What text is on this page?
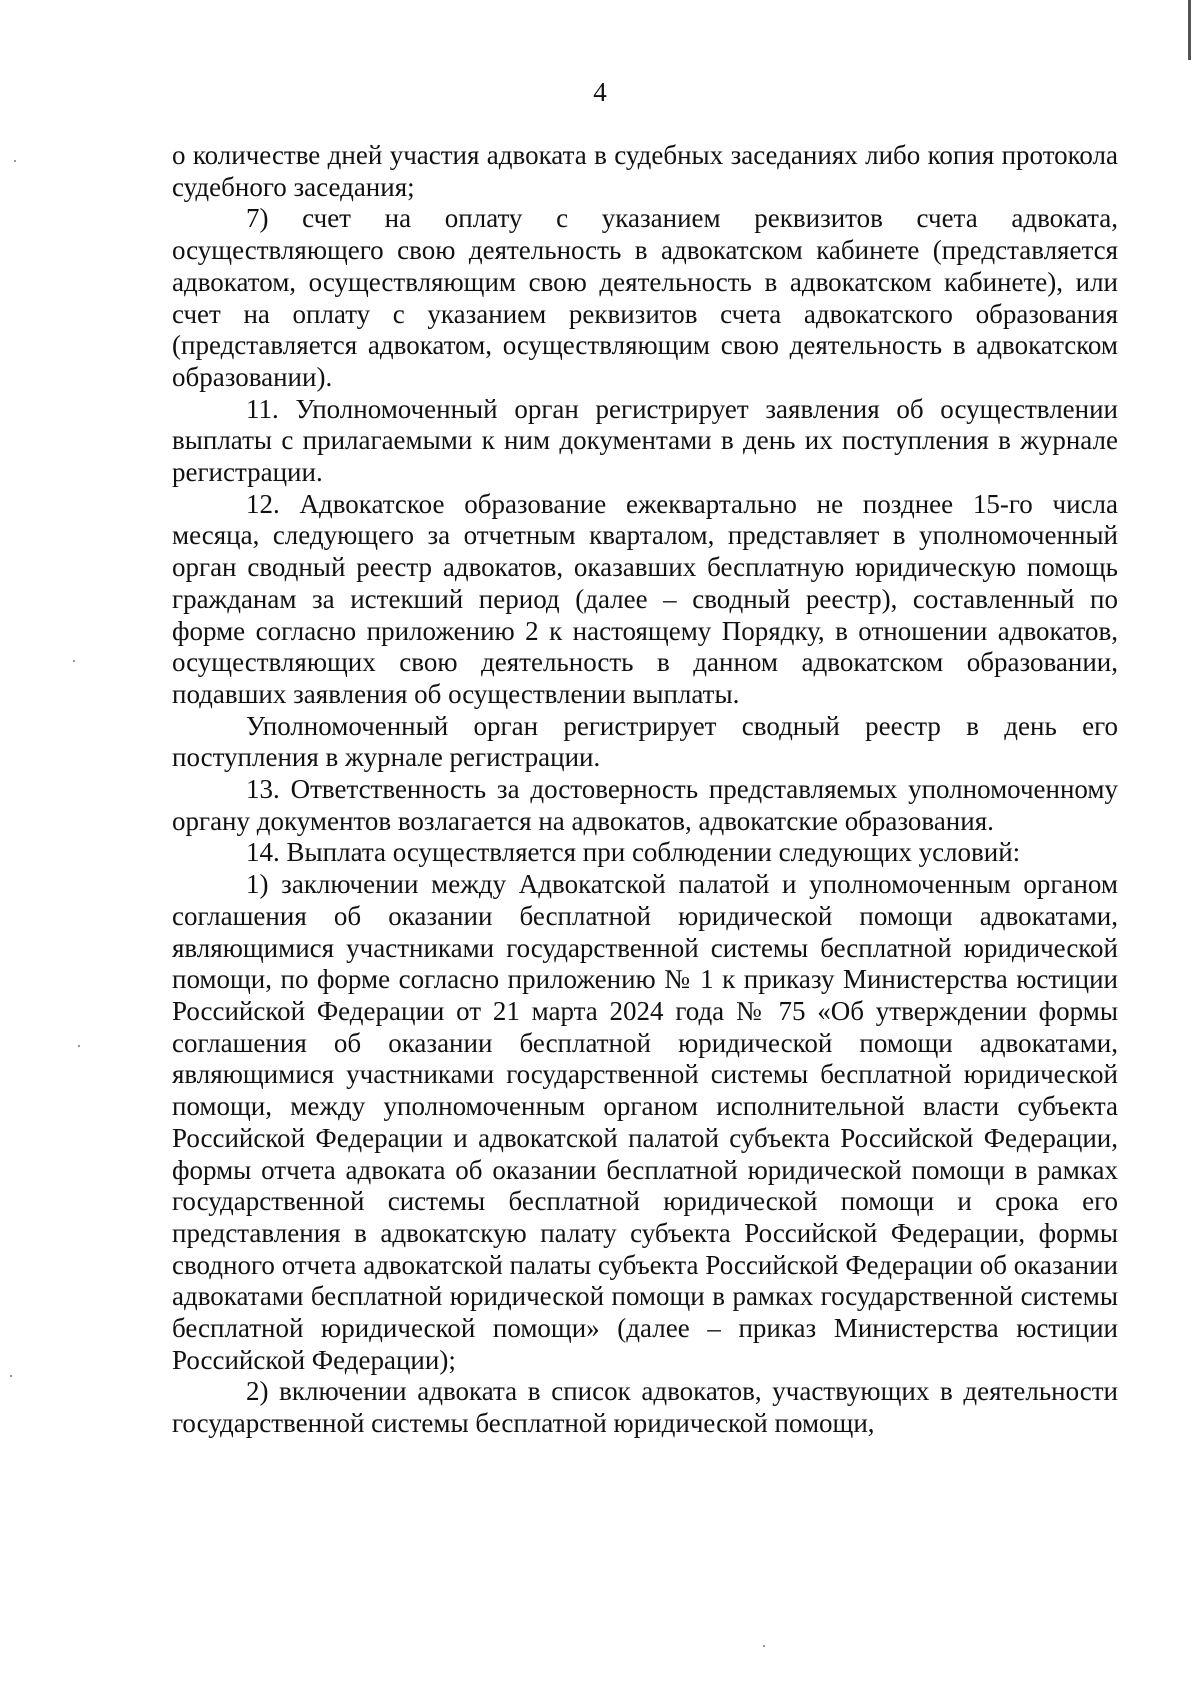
4

о количестве дней участия адвоката в судебных заседаниях либо копия протокола судебного заседания;

7) счет на оплату с указанием реквизитов счета адвоката, осуществляющего свою деятельность в адвокатском кабинете (представляется адвокатом, осуществляющим свою деятельность в адвокатском кабинете), или счет на оплату с указанием реквизитов счета адвокатского образования (представляется адвокатом, осуществляющим свою деятельность в адвокатском образовании).

11. Уполномоченный орган регистрирует заявления об осуществлении выплаты с прилагаемыми к ним документами в день их поступления в журнале регистрации.

12. Адвокатское образование ежеквартально не позднее 15-го числа месяца, следующего за отчетным кварталом, представляет в уполномоченный орган сводный реестр адвокатов, оказавших бесплатную юридическую помощь гражданам за истекший период (далее – сводный реестр), составленный по форме согласно приложению 2 к настоящему Порядку, в отношении адвокатов, осуществляющих свою деятельность в данном адвокатском образовании, подавших заявления об осуществлении выплаты.

Уполномоченный орган регистрирует сводный реестр в день его поступления в журнале регистрации.

13. Ответственность за достоверность представляемых уполномоченному органу документов возлагается на адвокатов, адвокатские образования.

14. Выплата осуществляется при соблюдении следующих условий:

1) заключении между Адвокатской палатой и уполномоченным органом соглашения об оказании бесплатной юридической помощи адвокатами, являющимися участниками государственной системы бесплатной юридической помощи, по форме согласно приложению № 1 к приказу Министерства юстиции Российской Федерации от 21 марта 2024 года № 75 «Об утверждении формы соглашения об оказании бесплатной юридической помощи адвокатами, являющимися участниками государственной системы бесплатной юридической помощи, между уполномоченным органом исполнительной власти субъекта Российской Федерации и адвокатской палатой субъекта Российской Федерации, формы отчета адвоката об оказании бесплатной юридической помощи в рамках государственной системы бесплатной юридической помощи и срока его представления в адвокатскую палату субъекта Российской Федерации, формы сводного отчета адвокатской палаты субъекта Российской Федерации об оказании адвокатами бесплатной юридической помощи в рамках государственной системы бесплатной юридической помощи» (далее – приказ Министерства юстиции Российской Федерации);

2) включении адвоката в список адвокатов, участвующих в деятельности государственной системы бесплатной юридической помощи,
